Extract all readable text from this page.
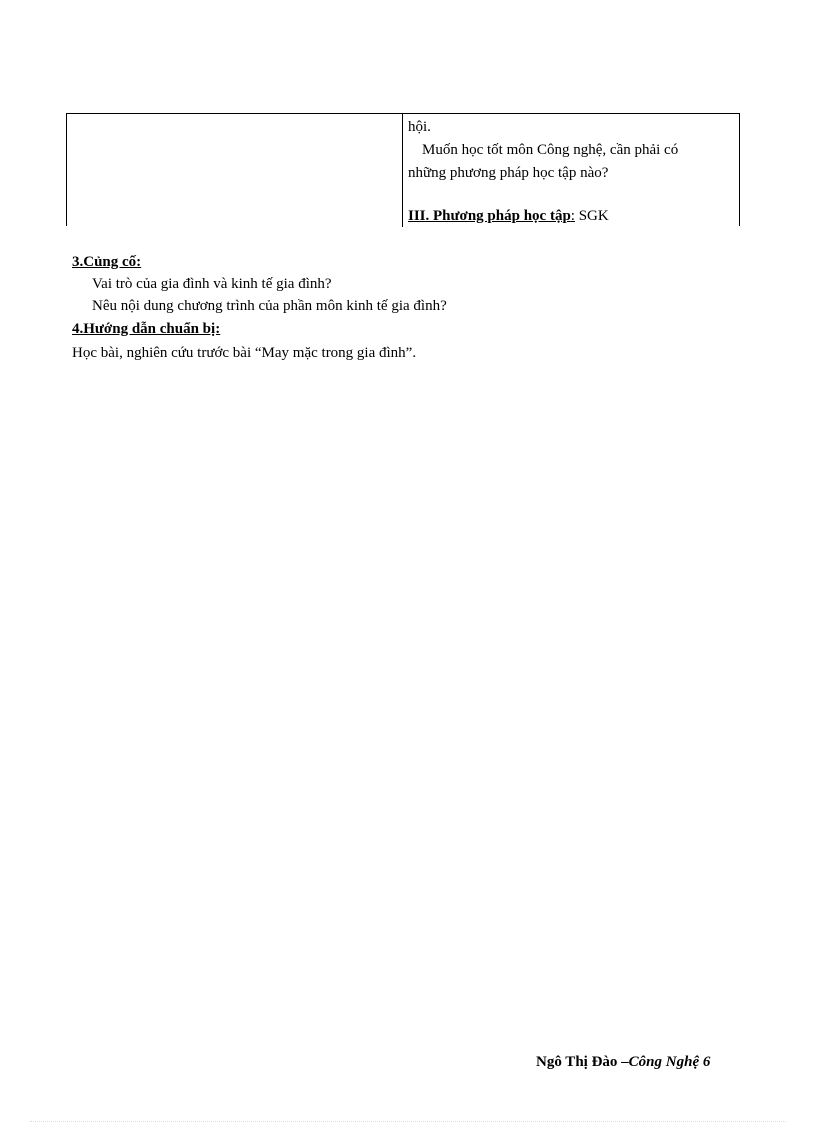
hội.
Muốn học tốt môn Công nghệ, cần phải có
những phương pháp học tập nào?
III. Phương pháp học tập: SGK
3.Củng cố:
Vai trò của gia đình và kinh tế gia đình?
Nêu nội dung chương trình của phần môn kinh tế gia đình?
4.Hướng dẫn chuẩn bị:
Học bài, nghiên cứu trước bài “May mặc trong gia đình”.
Ngô Thị Đào –Công Nghệ 6
